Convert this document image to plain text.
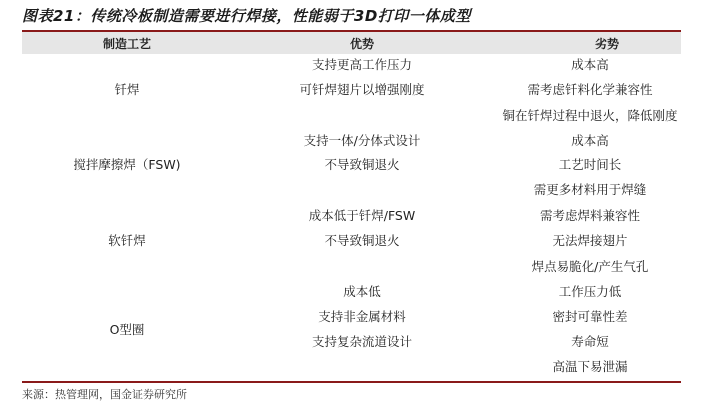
图表21：传统冷板制造需要进行焊接，性能弱于3D打印一体成型
制造工艺	优势	劣势
钎焊
支持更高工作压力
可钎焊翅片以增强刚度
成本高
需考虑钎料化学兼容性
铜在钎焊过程中退火，降低刚度
搅拌摩擦焊（FSW)
支持一体/分体式设计
不导致铜退火
成本高
工艺时间长
需更多材料用于焊缝
软钎焊
成本低于钎焊/FSW
不导致铜退火
需考虑焊料兼容性
无法焊接翅片
焊点易脆化/产生气孔
O型圈
成本低
支持非金属材料
支持复杂流道设计
工作压力低
密封可靠性差
寿命短
高温下易泄漏
来源：热管理网，国金证券研究所
